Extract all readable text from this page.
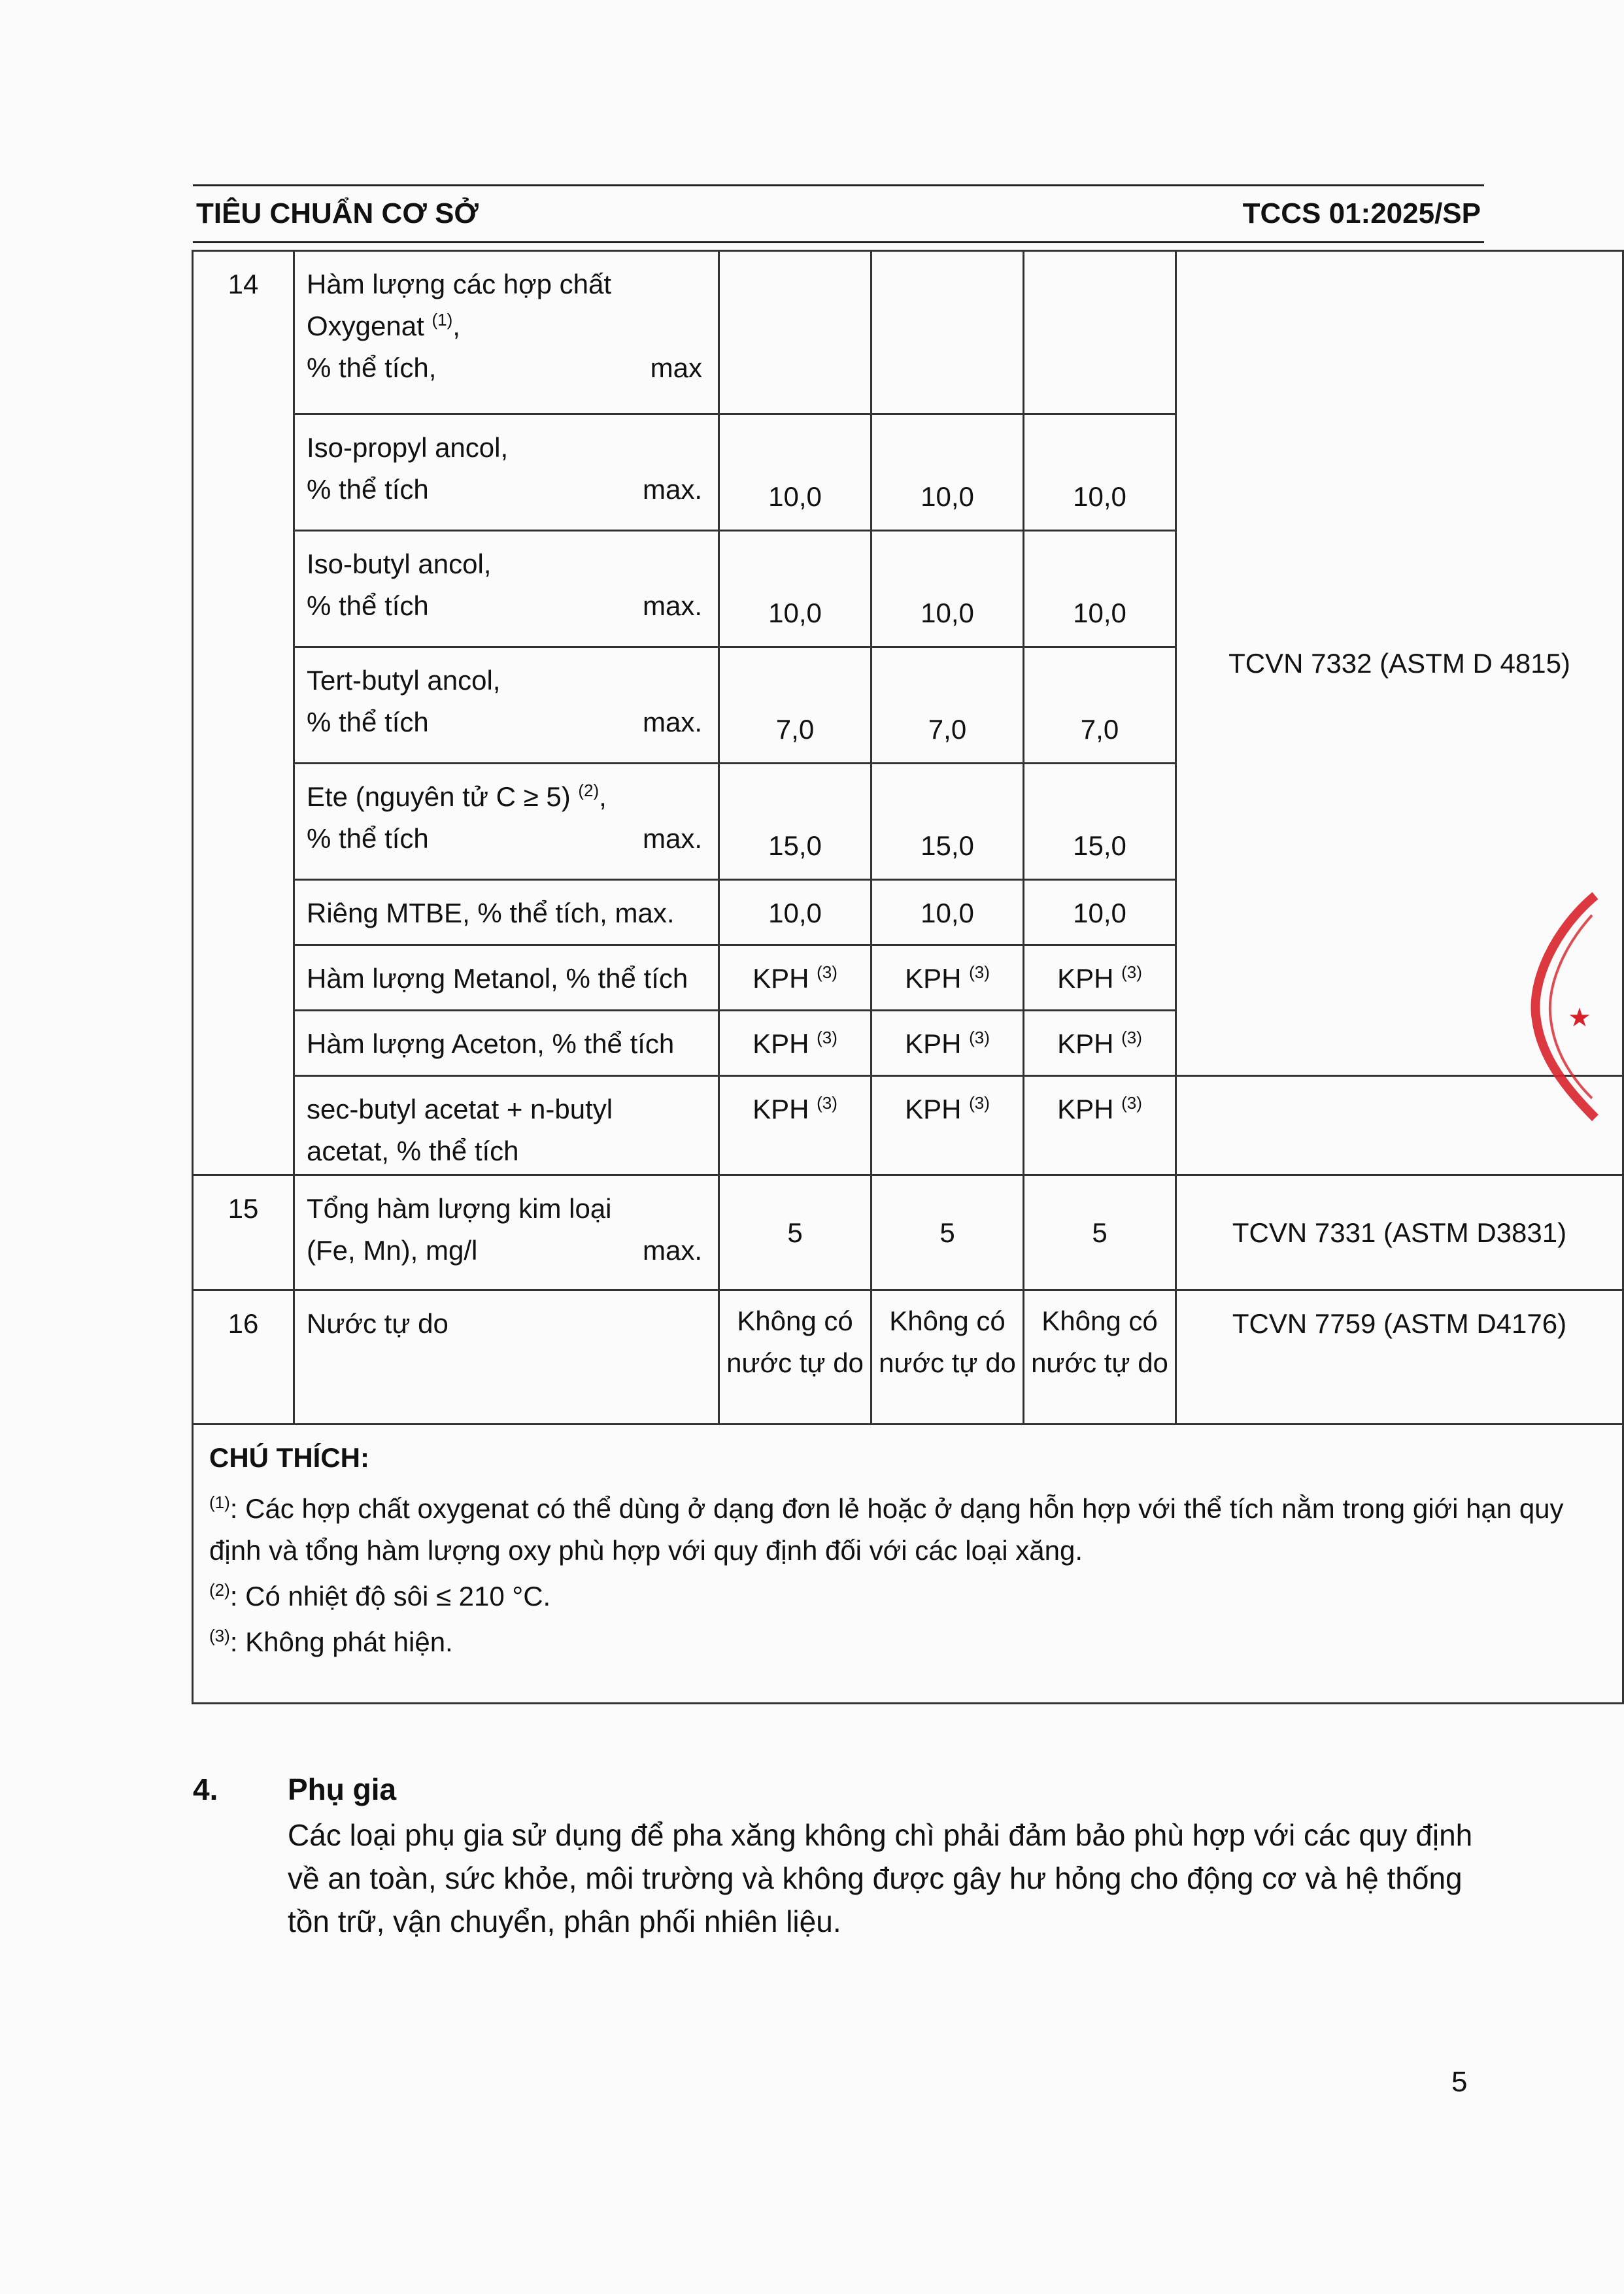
TIÊU CHUẨN CƠ SỞ	TCCS 01:2025/SP
14	Hàm lượng các hợp chất
Oxygenat $^{(1)}$,
% thể tích, max				TCVN 7332 (ASTM D 4815)

	Iso-propyl ancol,
% thể tích max.	10,0	10,0	10,0	

	Iso-butyl ancol,
% thể tích max.	10,0	10,0	10,0	

	Tert-butyl ancol,
% thể tích max.	7,0	7,0	7,0	

	Ete (nguyên tử C ≥ 5) $^{(2)}$,
% thể tích max.	15,0	15,0	15,0	
	Riêng MTBE, % thể tích, max.	10,0	10,0	10,0	
	Hàm lượng Metanol, % thể tích	KPH $^{(3)}$	KPH $^{(3)}$	KPH $^{(3)}$
	Hàm lượng Aceton, % thể tích	KPH $^{(3)}$	KPH $^{(3)}$	KPH $^{(3)}$

	sec-butyl acetat + n-butyl
acetat, % thể tích	KPH $^{(3)}$	KPH $^{(3)}$	KPH $^{(3)}$	
15	Tổng hàm lượng kim loại
(Fe, Mn), mg/l max.	5	5	5	TCVN 7331 (ASTM D3831)
16	Nước tự do	Không có nước tự do	Không có nước tự do	Không có nước tự do	TCVN 7759 (ASTM D4176)

CHÚ THÍCH:
$^{(1)}$: Các hợp chất oxygenat có thể dùng ở dạng đơn lẻ hoặc ở dạng hỗn hợp với thể tích nằm trong giới hạn quy định và tổng hàm lượng oxy phù hợp với quy định đối với các loại xăng.
$^{(2)}$: Có nhiệt độ sôi ≤ 210 °C.
$^{(3)}$: Không phát hiện.					
★
4.	Phụ gia
Các loại phụ gia sử dụng để pha xăng không chì phải đảm bảo phù hợp với các quy định về an toàn, sức khỏe, môi trường và không được gây hư hỏng cho động cơ và hệ thống tồn trữ, vận chuyển, phân phối nhiên liệu.
5
